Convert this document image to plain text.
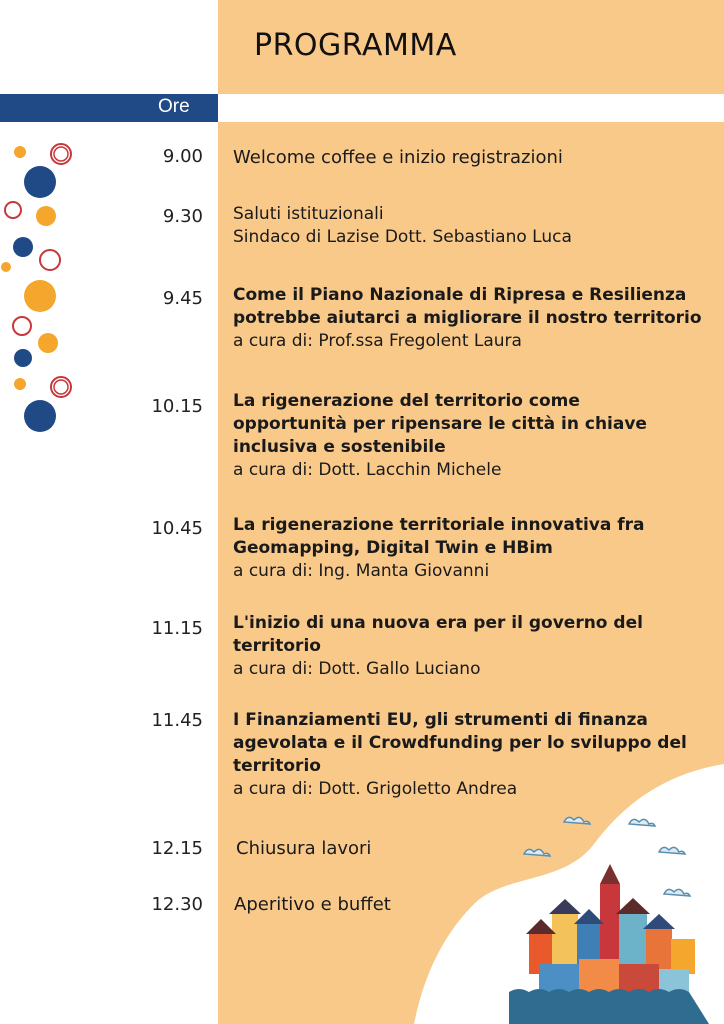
PROGRAMMA
Ore
9.00 Welcome coffee e inizio registrazioni
9.30 Saluti istituzionali
Sindaco di Lazise Dott. Sebastiano Luca
9.45 Come il Piano Nazionale di Ripresa e Resilienza
potrebbe aiutarci a migliorare il nostro territorio
a cura di: Prof.ssa Fregolent Laura
10.15 La rigenerazione del territorio come
opportunità per ripensare le città in chiave
inclusiva e sostenibile
a cura di: Dott. Lacchin Michele
10.45 La rigenerazione territoriale innovativa fra
Geomapping, Digital Twin e HBim
a cura di: Ing. Manta Giovanni
11.15 L'inizio di una nuova era per il governo del
territorio
a cura di: Dott. Gallo Luciano
11.45 I Finanziamenti EU, gli strumenti di finanza
agevolata e il Crowdfunding per lo sviluppo del
territorio
a cura di: Dott. Grigoletto Andrea
12.15 Chiusura lavori
12.30 Aperitivo e buffet
